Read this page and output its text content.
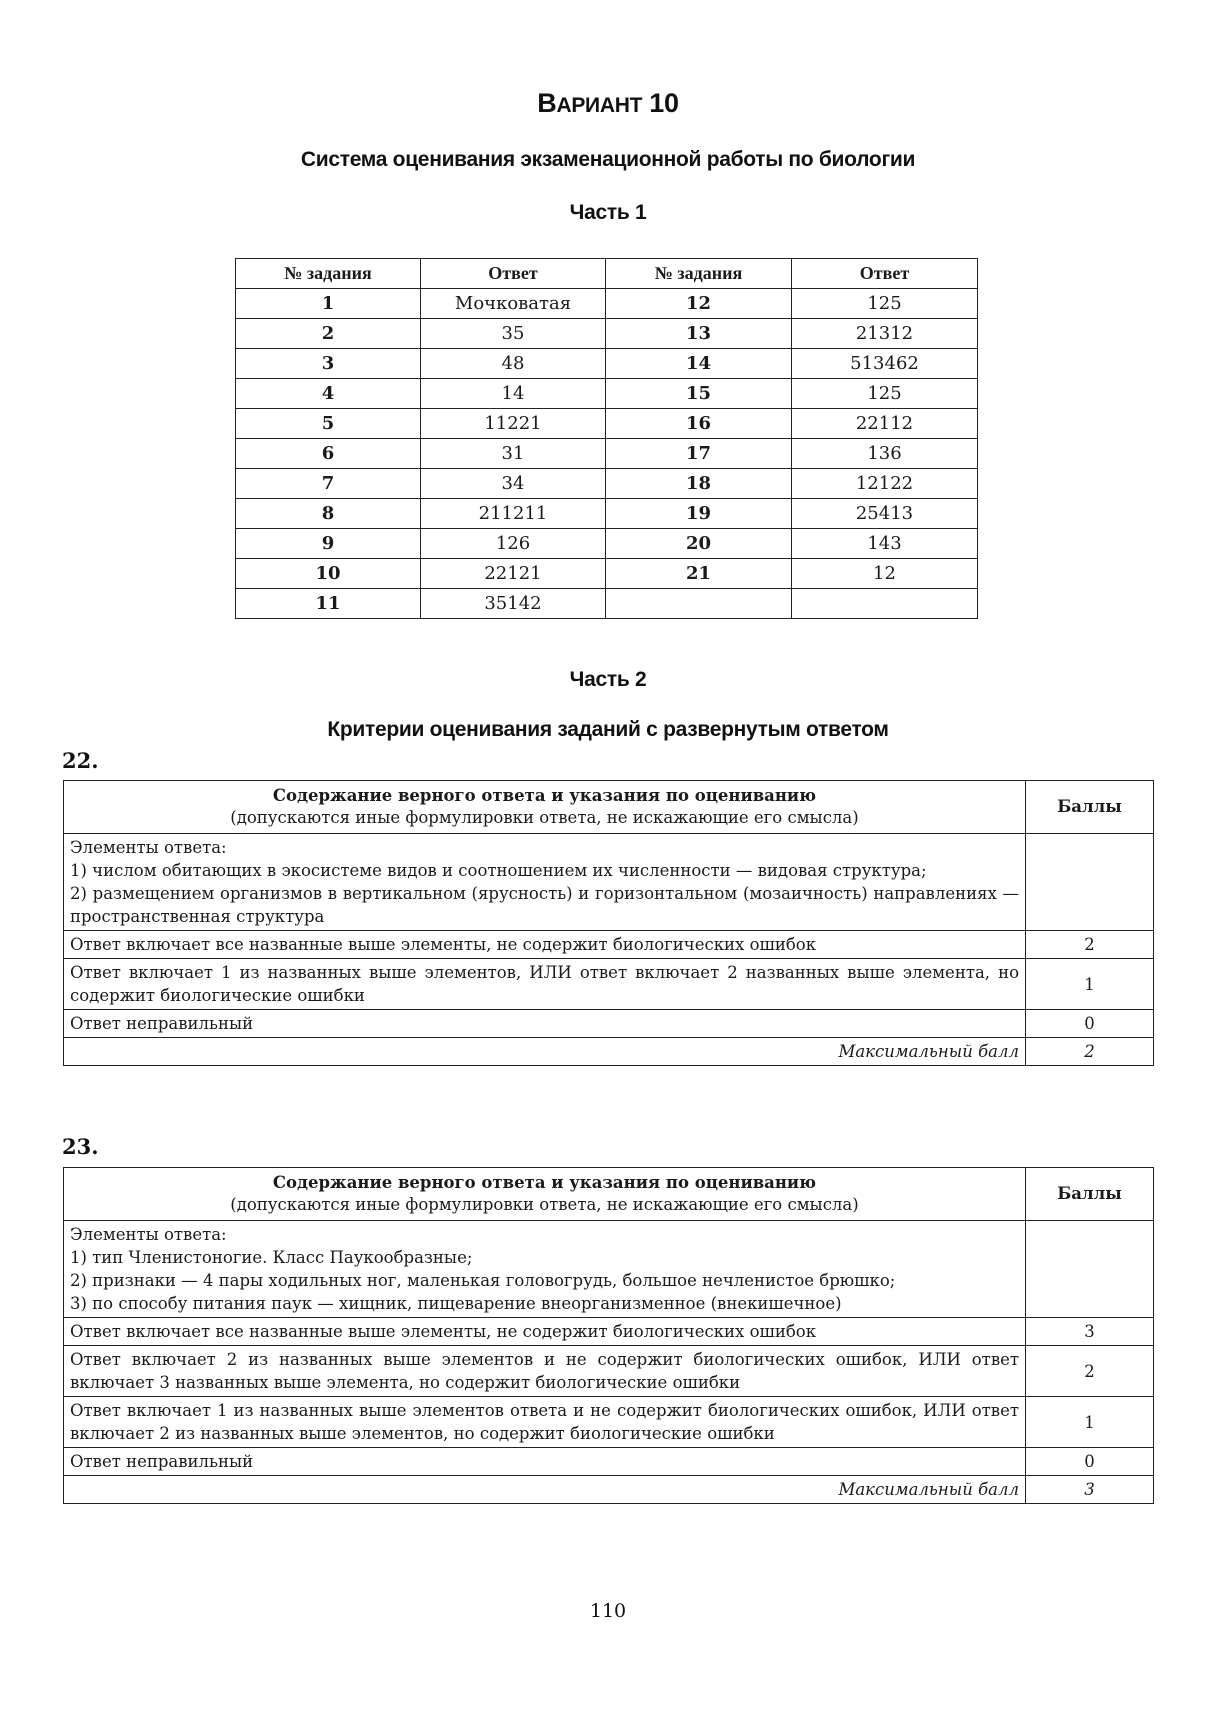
ВАРИАНТ 10
Система оценивания экзаменационной работы по биологии
Часть 1
№ задания	Ответ	№ задания	Ответ
1	Мочковатая	12	125
2	35	13	21312
3	48	14	513462
4	14	15	125
5	11221	16	22112
6	31	17	136
7	34	18	12122
8	211211	19	25413
9	126	20	143
10	22121	21	12
11	35142		
Часть 2
Критерии оценивания заданий с развернутым ответом
22.
Содержание верного ответа и указания по оцениванию
(допускаются иные формулировки ответа, не искажающие его смысла)	Баллы

Элементы ответа:
1) числом обитающих в экосистеме видов и соотношением их численности — видовая структура;
2) размещением организмов в вертикальном (ярусность) и горизонтальном (мозаичность) направлениях — пространственная структура	

Ответ включает все названные выше элементы, не содержит биологических ошибок	2
Ответ включает 1 из названных выше элементов, ИЛИ ответ включает 2 названных выше элемента, но содержит биологические ошибки	1
Ответ неправильный	0
Максимальный балл	2
23.
Содержание верного ответа и указания по оцениванию
(допускаются иные формулировки ответа, не искажающие его смысла)	Баллы

Элементы ответа:
1) тип Членистоногие. Класс Паукообразные;
2) признаки — 4 пары ходильных ног, маленькая головогрудь, большое нечленистое брюшко;
3) по способу питания паук — хищник, пищеварение внеорганизменное (внекишечное)	

Ответ включает все названные выше элементы, не содержит биологических ошибок	3
Ответ включает 2 из названных выше элементов и не содержит биологических ошибок, ИЛИ ответ включает 3 названных выше элемента, но содержит биологические ошибки	2
Ответ включает 1 из названных выше элементов ответа и не содержит биологических ошибок, ИЛИ ответ включает 2 из названных выше элементов, но содержит биологические ошибки	1
Ответ неправильный	0
Максимальный балл	3
110
